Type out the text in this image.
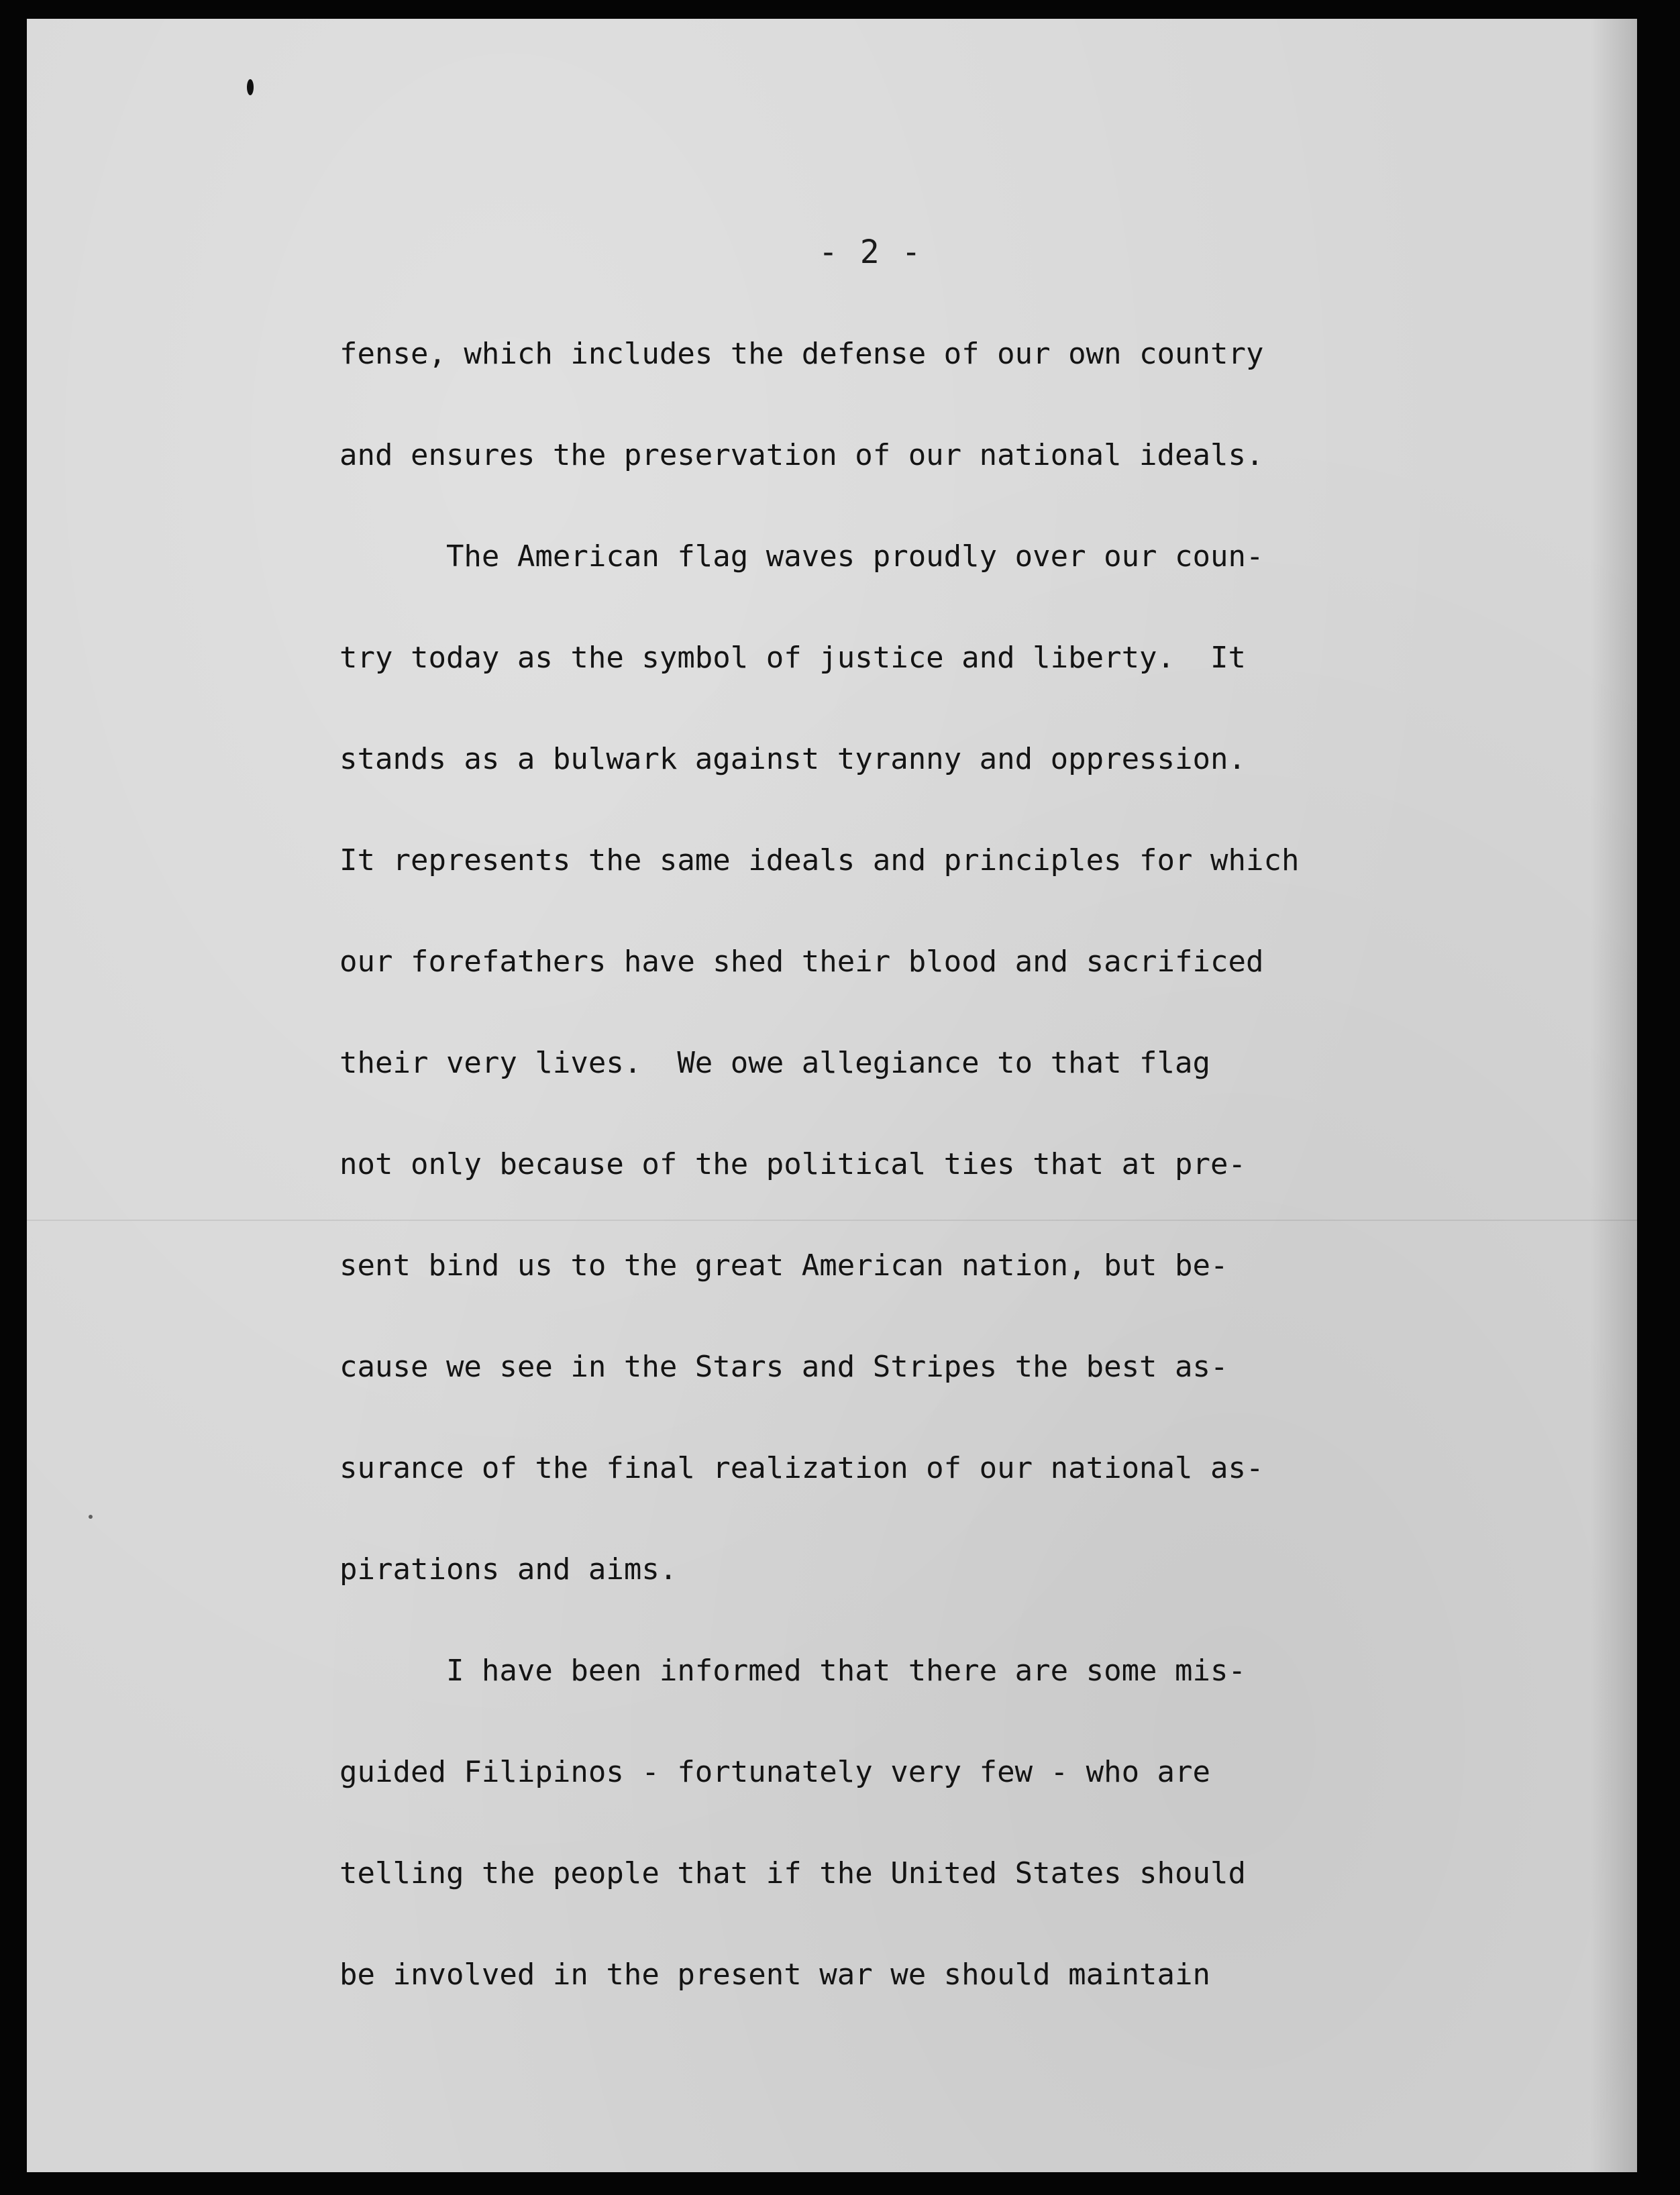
- 2 -
fense, which includes the defense of our own country
and ensures the preservation of our national ideals.
The American flag waves proudly over our coun-
try today as the symbol of justice and liberty.  It
stands as a bulwark against tyranny and oppression.
It represents the same ideals and principles for which
our forefathers have shed their blood and sacrificed
their very lives.  We owe allegiance to that flag
not only because of the political ties that at pre-
sent bind us to the great American nation, but be-
cause we see in the Stars and Stripes the best as-
surance of the final realization of our national as-
pirations and aims.
I have been informed that there are some mis-
guided Filipinos - fortunately very few - who are
telling the people that if the United States should
be involved in the present war we should maintain
